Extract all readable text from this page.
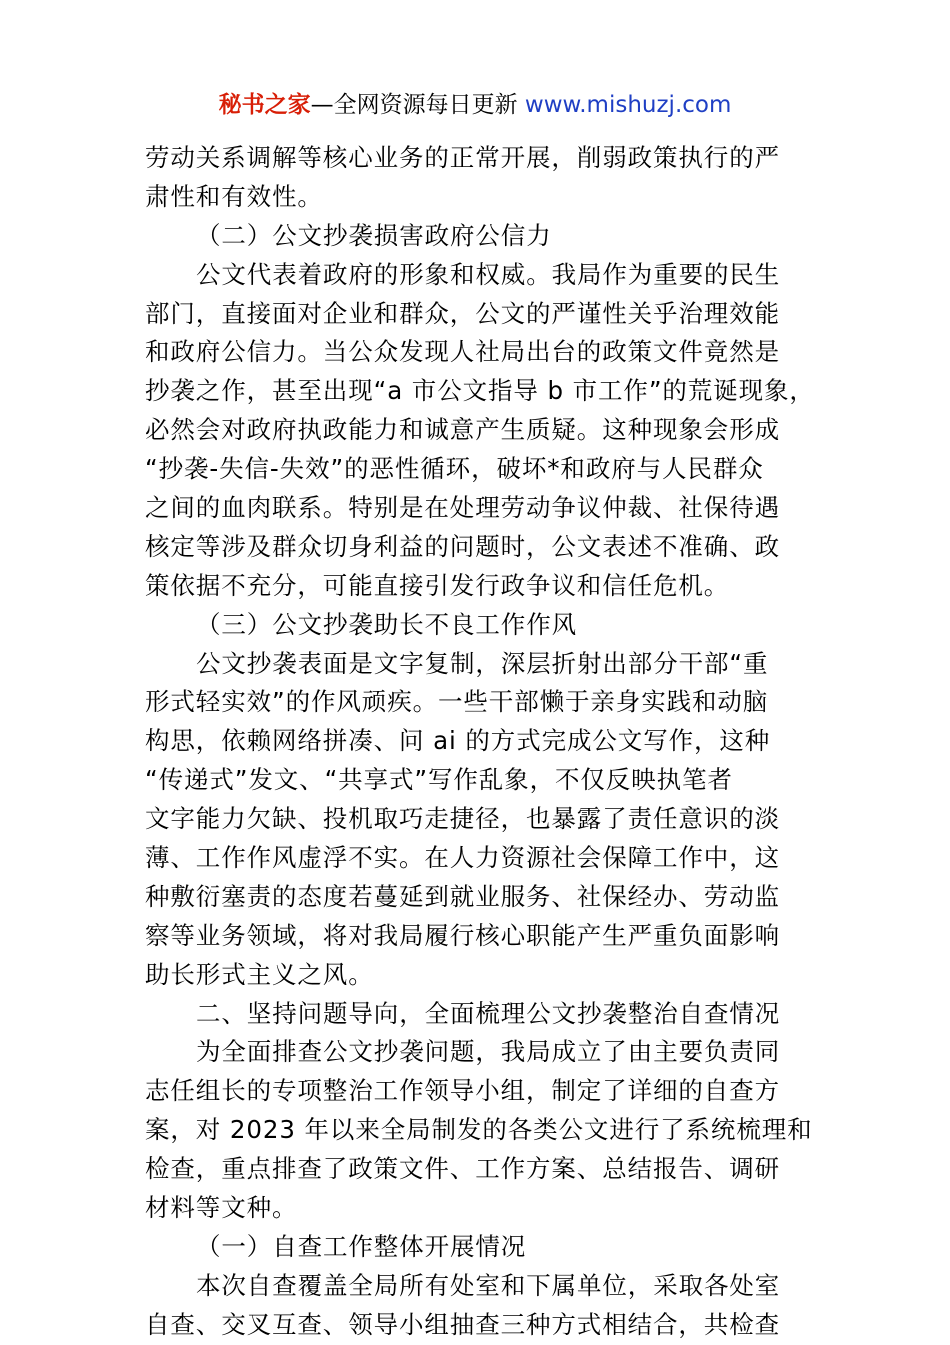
秘书之家—全网资源每日更新 www.mishuzj.com
劳动关系调解等核心业务的正常开展，削弱政策执行的严
肃性和有效性。
（二）公文抄袭损害政府公信力
公文代表着政府的形象和权威。我局作为重要的民生
部门，直接面对企业和群众，公文的严谨性关乎治理效能
和政府公信力。当公众发现人社局出台的政策文件竟然是
抄袭之作，甚至出现“a 市公文指导 b 市工作”的荒诞现象，
必然会对政府执政能力和诚意产生质疑。这种现象会形成
“抄袭-失信-失效”的恶性循环，破坏*和政府与人民群众
之间的血肉联系。特别是在处理劳动争议仲裁、社保待遇
核定等涉及群众切身利益的问题时，公文表述不准确、政
策依据不充分，可能直接引发行政争议和信任危机。
（三）公文抄袭助长不良工作作风
公文抄袭表面是文字复制，深层折射出部分干部“重
形式轻实效”的作风顽疾。一些干部懒于亲身实践和动脑
构思，依赖网络拼凑、问 ai 的方式完成公文写作，这种
“传递式”发文、“共享式”写作乱象，不仅反映执笔者
文字能力欠缺、投机取巧走捷径，也暴露了责任意识的淡
薄、工作作风虚浮不实。在人力资源社会保障工作中，这
种敷衍塞责的态度若蔓延到就业服务、社保经办、劳动监
察等业务领域，将对我局履行核心职能产生严重负面影响
助长形式主义之风。
二、坚持问题导向，全面梳理公文抄袭整治自查情况
为全面排查公文抄袭问题，我局成立了由主要负责同
志任组长的专项整治工作领导小组，制定了详细的自查方
案，对 2023 年以来全局制发的各类公文进行了系统梳理和
检查，重点排查了政策文件、工作方案、总结报告、调研
材料等文种。
（一）自查工作整体开展情况
本次自查覆盖全局所有处室和下属单位，采取各处室
自查、交叉互查、领导小组抽查三种方式相结合，共检查
